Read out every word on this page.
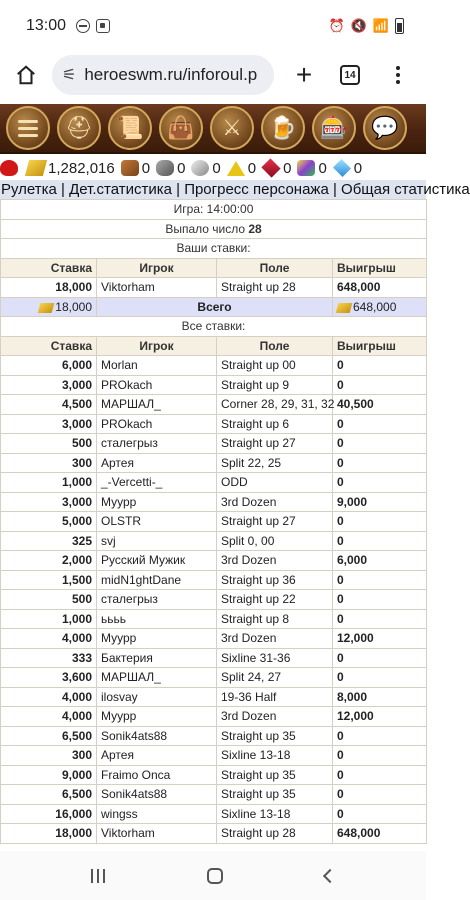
13:00	⏰ 🔇 📶
⚟ heroeswm.ru/inforoul.p	+	14
⛑	📜	👜	⚔	🍺	🎰	💬
1,282,016 0 0 0 0 0 0 0
Рулетка | Дет.статистика | Прогресс персонажа | Общая статистика
Игра: 14:00:00			
Выпало число 28			
Ваши ставки:			
Ставка	Игрок	Поле	Выигрыш
18,000	Viktorham	Straight up 28	648,000
18,000	Всего		648,000
Все ставки:			
Ставка	Игрок	Поле	Выигрыш
6,000	Morlan	Straight up 00	0
3,000	PROkach	Straight up 9	0
4,500	МАРШАЛ_	Corner 28, 29, 31, 32	40,500
3,000	PROkach	Straight up 6	0
500	сталегрыз	Straight up 27	0
300	Артея	Split 22, 25	0
1,000	_-Vercetti-_	ODD	0
3,000	Муурр	3rd Dozen	9,000
5,000	OLSTR	Straight up 27	0
325	svj	Split 0, 00	0
2,000	Русский Мужик	3rd Dozen	6,000
1,500	midN1ghtDane	Straight up 36	0
500	сталегрыз	Straight up 22	0
1,000	ьььь	Straight up 8	0
4,000	Муурр	3rd Dozen	12,000
333	Бактерия	Sixline 31-36	0
3,600	МАРШАЛ_	Split 24, 27	0
4,000	ilosvay	19-36 Half	8,000
4,000	Муурр	3rd Dozen	12,000
6,500	Sonik4ats88	Straight up 35	0
300	Артея	Sixline 13-18	0
9,000	Fraimo Onca	Straight up 35	0
6,500	Sonik4ats88	Straight up 35	0
16,000	wingss	Sixline 13-18	0
18,000	Viktorham	Straight up 28	648,000
